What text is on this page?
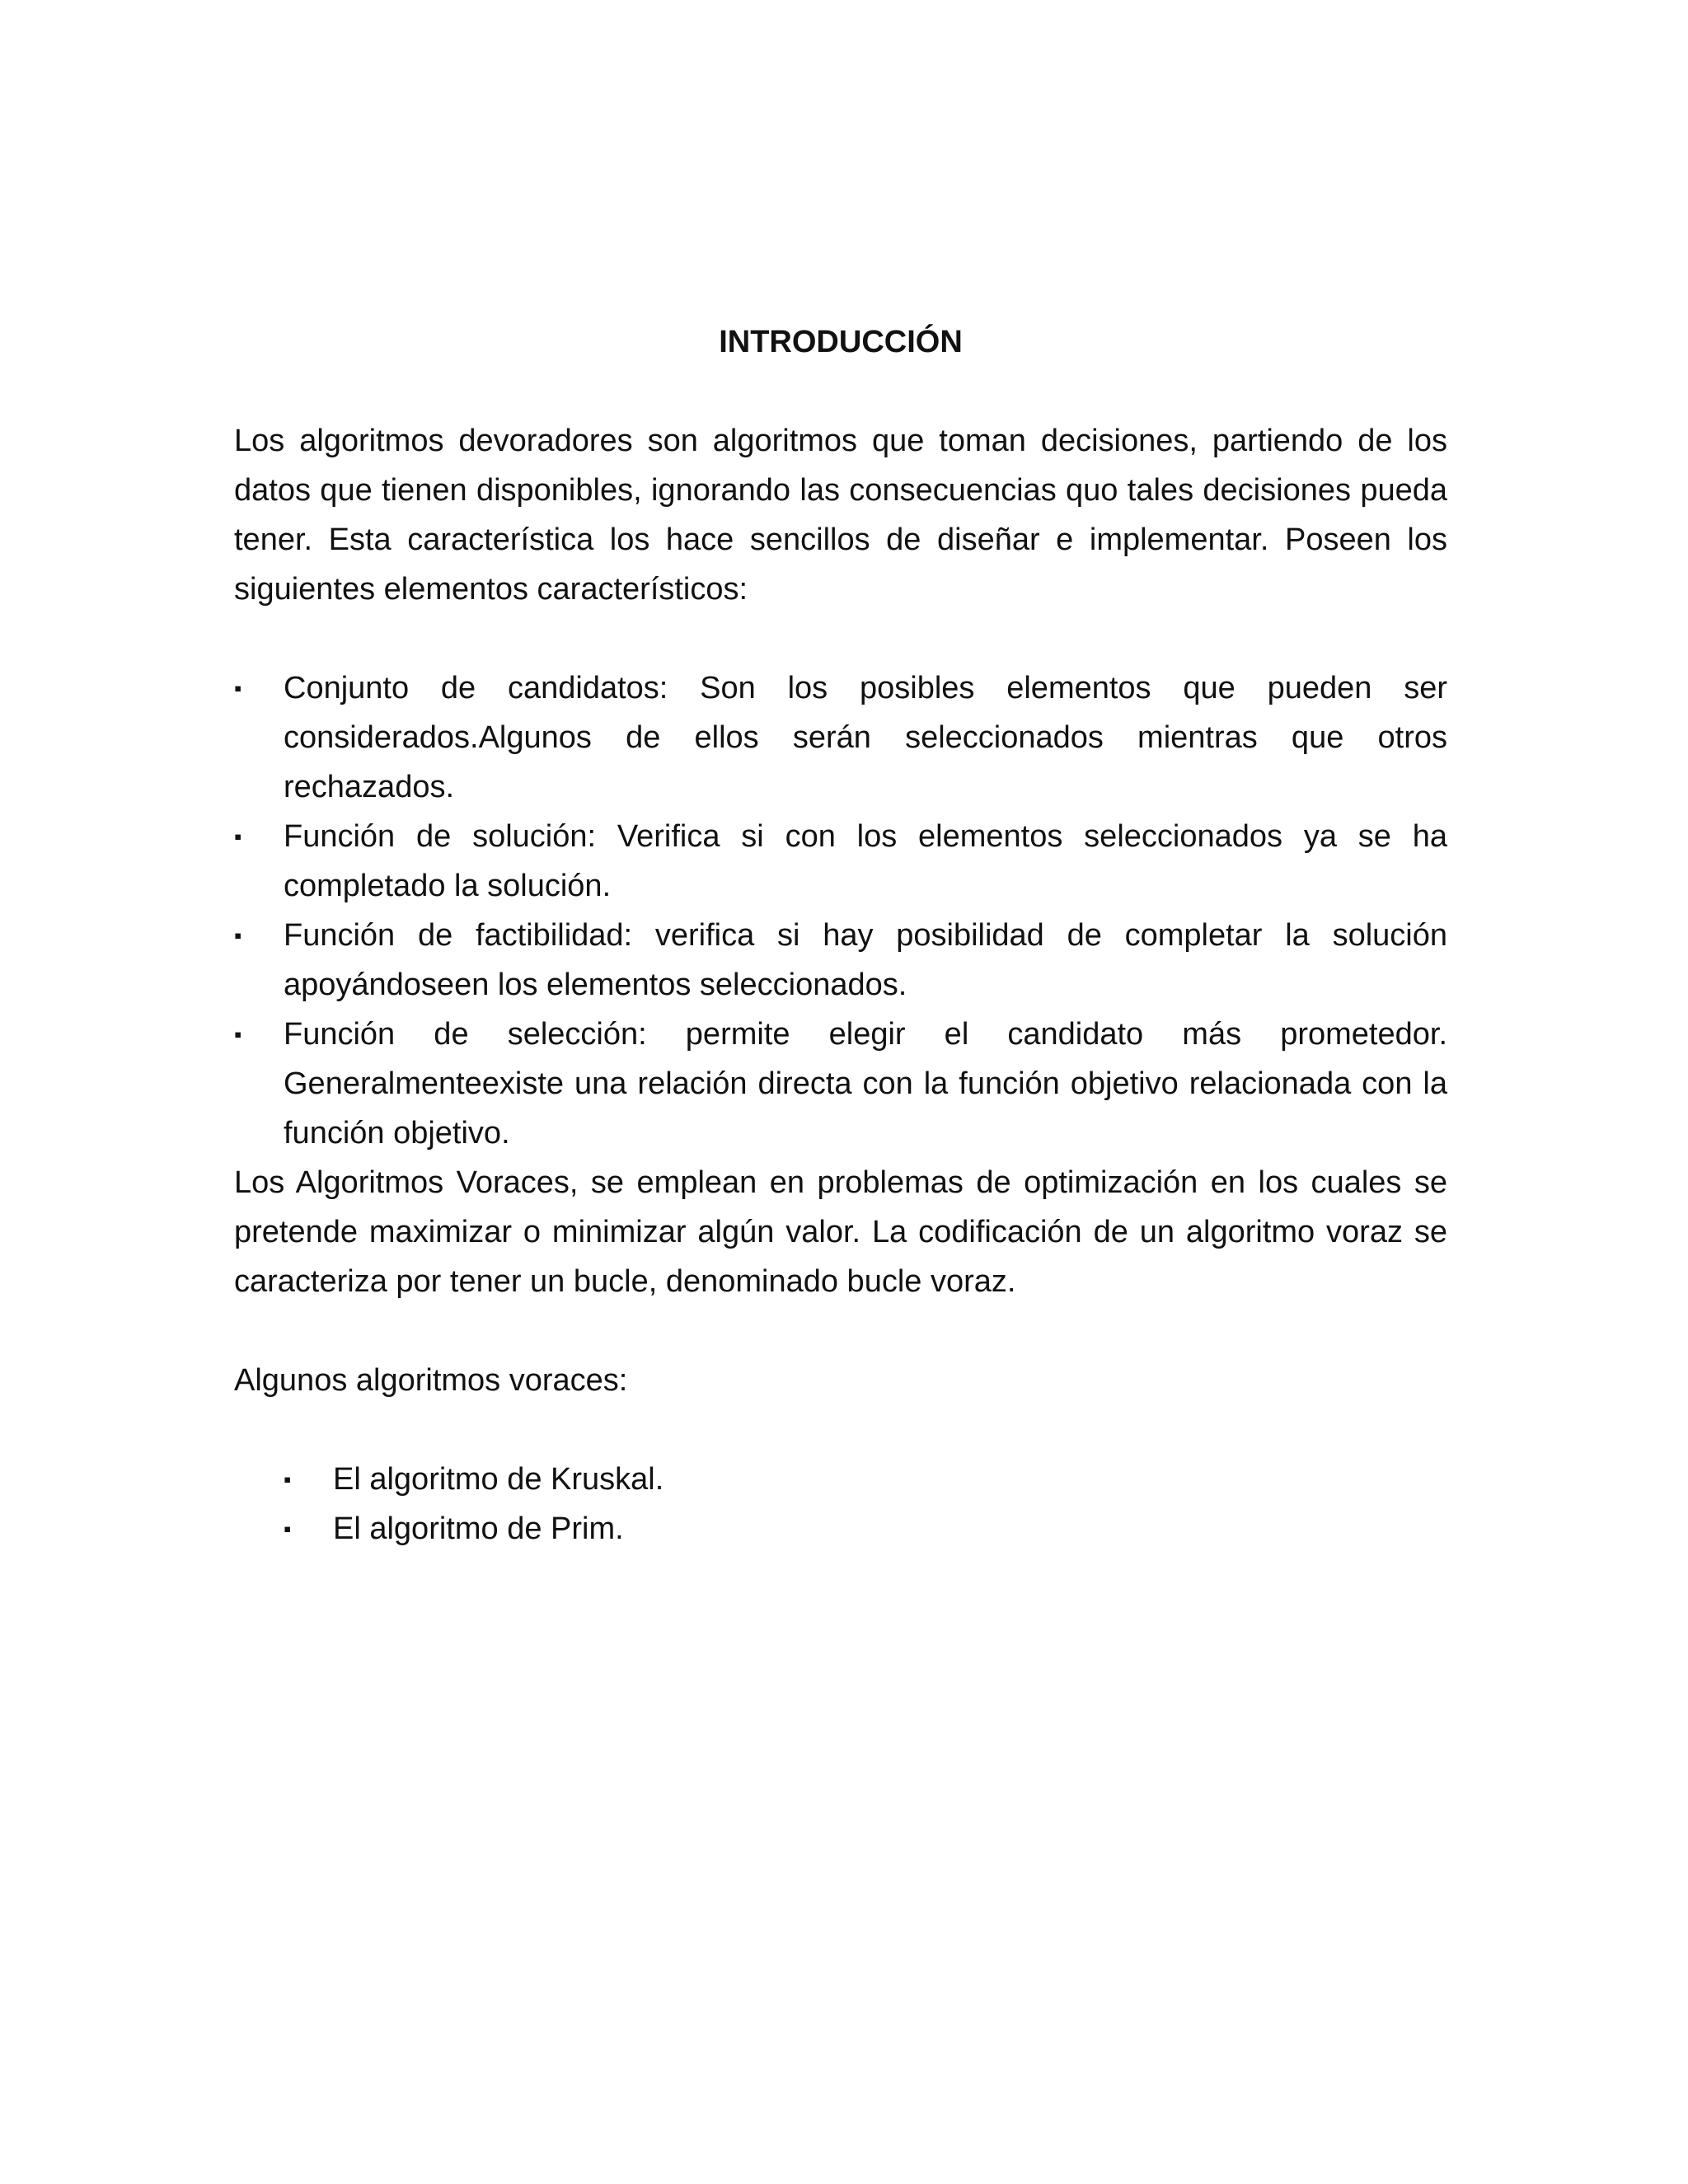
INTRODUCCIÓN

Los algoritmos devoradores son algoritmos que toman decisiones, partiendo de los datos que tienen disponibles, ignorando las consecuencias quo tales decisiones pueda tener. Esta característica los hace sencillos de diseñar e implementar. Poseen los siguientes elementos característicos:

▪ Conjunto de candidatos: Son los posibles elementos que pueden ser considerados.Algunos de ellos serán seleccionados mientras que otros rechazados.
▪ Función de solución: Verifica si con los elementos seleccionados ya se ha completado la solución.
▪ Función de factibilidad: verifica si hay posibilidad de completar la solución apoyándoseen los elementos seleccionados.
▪ Función de selección: permite elegir el candidato más prometedor. Generalmenteexiste una relación directa con la función objetivo relacionada con la función objetivo.

Los Algoritmos Voraces, se emplean en problemas de optimización en los cuales se pretende maximizar o minimizar algún valor. La codificación de un algoritmo voraz se caracteriza por tener un bucle, denominado bucle voraz.

Algunos algoritmos voraces:

▪ El algoritmo de Kruskal.
▪ El algoritmo de Prim.
